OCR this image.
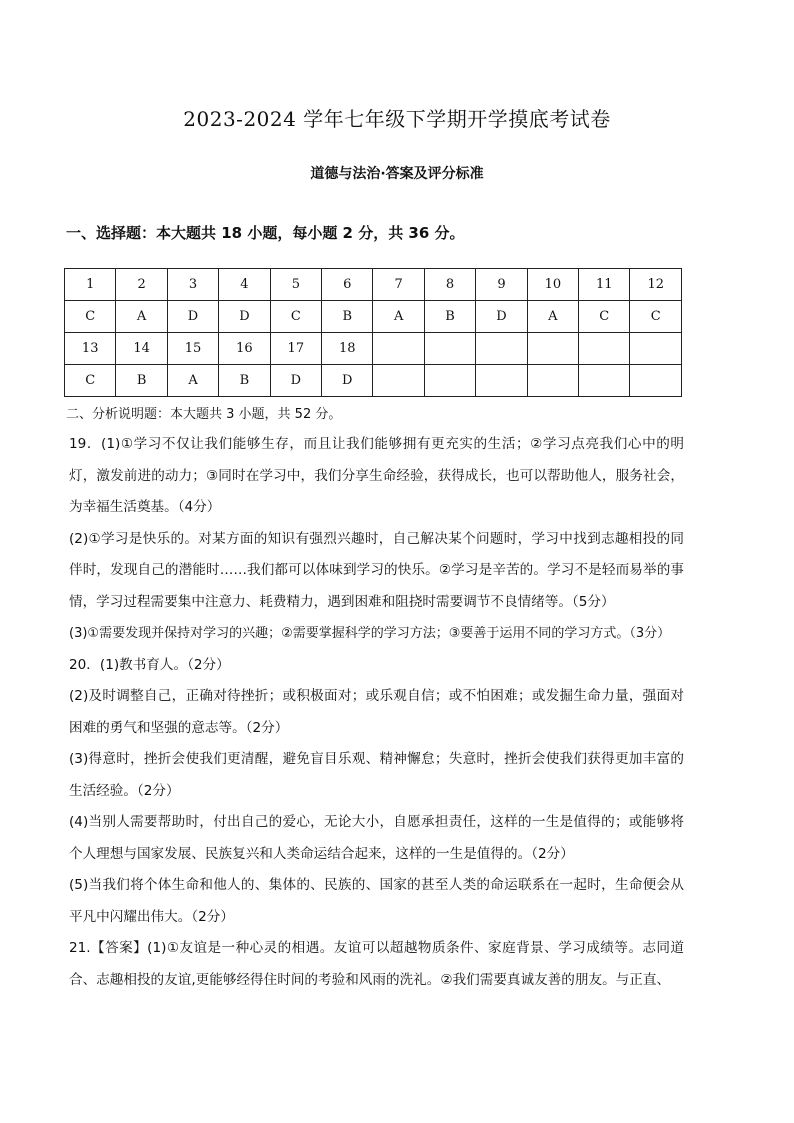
2023-2024 学年七年级下学期开学摸底考试卷
道德与法治·答案及评分标准
一、选择题：本大题共 18 小题，每小题 2 分，共 36 分。
1	2	3	4	5	6	7	8	9	10	11	12
C	A	D	D	C	B	A	B	D	A	C	C
13	14	15	16	17	18						
C	B	A	B	D	D						
二、分析说明题：本大题共 3 小题，共 52 分。

19．(1)①学习不仅让我们能够生存，而且让我们能够拥有更充实的生活；②学习点亮我们心中的明灯，激发前进的动力；③同时在学习中，我们分享生命经验，获得成长，也可以帮助他人，服务社会，为幸福生活奠基。（4分）

(2)①学习是快乐的。对某方面的知识有强烈兴趣时，自己解决某个问题时，学习中找到志趣相投的同伴时，发现自己的潜能时……我们都可以体味到学习的快乐。②学习是辛苦的。学习不是轻而易举的事情，学习过程需要集中注意力、耗费精力，遇到困难和阻挠时需要调节不良情绪等。（5分）

(3)①需要发现并保持对学习的兴趣；②需要掌握科学的学习方法；③要善于运用不同的学习方式。（3分）

20．(1)教书育人。（2分）

(2)及时调整自己，正确对待挫折；或积极面对；或乐观自信；或不怕困难；或发掘生命力量，强面对困难的勇气和坚强的意志等。（2分）

(3)得意时，挫折会使我们更清醒，避免盲目乐观、精神懈怠；失意时，挫折会使我们获得更加丰富的生活经验。（2分）

(4)当别人需要帮助时，付出自己的爱心，无论大小，自愿承担责任，这样的一生是值得的；或能够将个人理想与国家发展、民族复兴和人类命运结合起来，这样的一生是值得的。（2分）

(5)当我们将个体生命和他人的、集体的、民族的、国家的甚至人类的命运联系在一起时，生命便会从平凡中闪耀出伟大。（2分）

21.【答案】(1)①友谊是一种心灵的相遇。友谊可以超越物质条件、家庭背景、学习成绩等。志同道合、志趣相投的友谊,更能够经得住时间的考验和风雨的洗礼。②我们需要真诚友善的朋友。与正直、
